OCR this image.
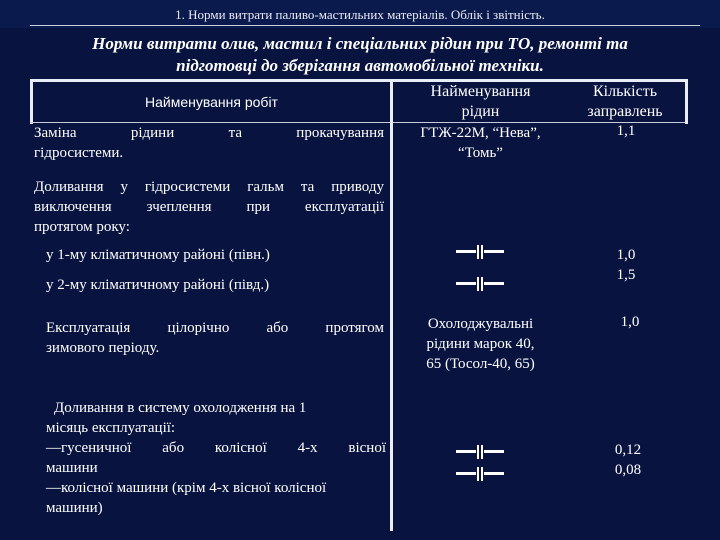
1. Норми витрати паливо-мастильних матеріалів. Облік і звітність.
Норми витрати олив, мастил і спеціальних рідин при ТО, ремонті та
підготовці до зберігання автомобільної техніки.
Найменування робіт
Найменування
рідин
Кількість
заправлень
Заміна рідини та прокачування
гідросистеми.
ГТЖ-22М, “Нева”,
“Томь”
1,1
Доливання у гідросистеми гальм та приводу
виключення зчеплення при експлуатації
протягом року:
у 1-му кліматичному районі (півн.)
у 2-му кліматичному районі (півд.)
1,0
1,5
Експлуатація цілорічно або протягом
зимового періоду.
Охолоджувальні
рідини марок 40,
65 (Тосол-40, 65)
1,0
Доливання в систему охолодження на 1
місяць експлуатації:
—гусеничної або колісної 4-х вісної
машини
—колісної машини (крім 4-х вісної колісної
машини)
0,12
0,08
